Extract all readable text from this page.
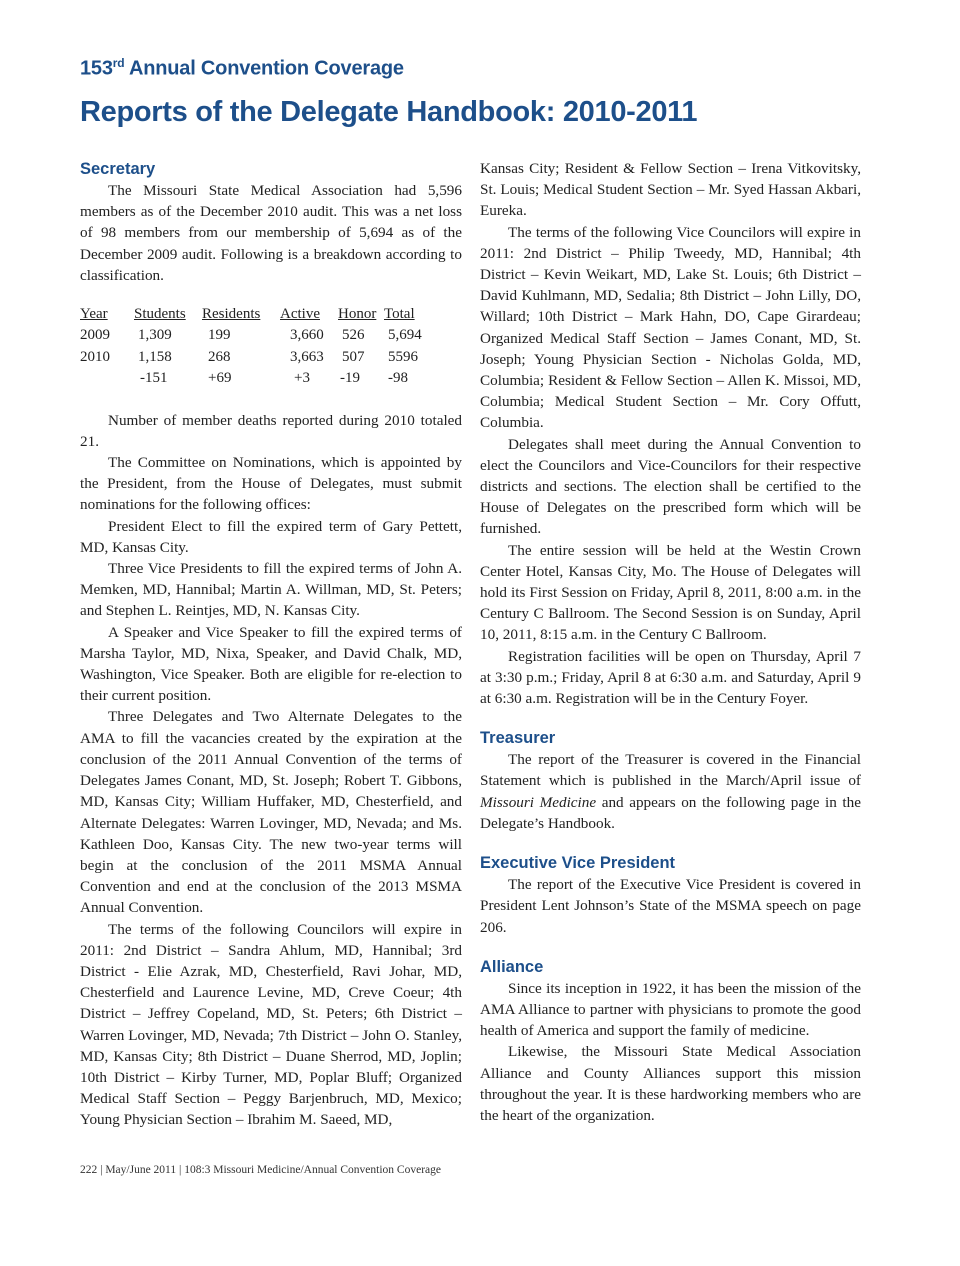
153rd Annual Convention Coverage
Reports of the Delegate Handbook: 2010-2011
Secretary

The Missouri State Medical Association had 5,596 members as of the December 2010 audit. This was a net loss of 98 members from our membership of 5,694 as of the December 2009 audit. Following is a breakdown according to classification.

Year	Students	Residents	Active	Honor	Total
2009	1,309	199	3,660	526	5,694
2010	1,158	268	3,663	507	5596
	-151	+69	+3	-19	-98

Number of member deaths reported during 2010 totaled 21.

The Committee on Nominations, which is appointed by the President, from the House of Delegates, must submit nominations for the following offices:

President Elect to fill the expired term of Gary Pettett, MD, Kansas City.

Three Vice Presidents to fill the expired terms of John A. Memken, MD, Hannibal; Martin A. Willman, MD, St. Peters; and Stephen L. Reintjes, MD, N. Kansas City.

A Speaker and Vice Speaker to fill the expired terms of Marsha Taylor, MD, Nixa, Speaker, and David Chalk, MD, Washington, Vice Speaker. Both are eligible for re-election to their current position.

Three Delegates and Two Alternate Delegates to the AMA to fill the vacancies created by the expiration at the conclusion of the 2011 Annual Convention of the terms of Delegates James Conant, MD, St. Joseph; Robert T. Gibbons, MD, Kansas City; William Huffaker, MD, Chesterfield, and Alternate Delegates: Warren Lovinger, MD, Nevada; and Ms. Kathleen Doo, Kansas City. The new two-year terms will begin at the conclusion of the 2011 MSMA Annual Convention and end at the conclusion of the 2013 MSMA Annual Convention.

The terms of the following Councilors will expire in 2011: 2nd District – Sandra Ahlum, MD, Hannibal; 3rd District - Elie Azrak, MD, Chesterfield, Ravi Johar, MD, Chesterfield and Laurence Levine, MD, Creve Coeur; 4th District – Jeffrey Copeland, MD, St. Peters; 6th District – Warren Lovinger, MD, Nevada; 7th District – John O. Stanley, MD, Kansas City; 8th District – Duane Sherrod, MD, Joplin; 10th District – Kirby Turner, MD, Poplar Bluff; Organized Medical Staff Section – Peggy Barjenbruch, MD, Mexico; Young Physician Section – Ibrahim M. Saeed, MD,

Kansas City; Resident & Fellow Section – Irena Vitkovitsky, St. Louis; Medical Student Section – Mr. Syed Hassan Akbari, Eureka.

The terms of the following Vice Councilors will expire in 2011: 2nd District – Philip Tweedy, MD, Hannibal; 4th District – Kevin Weikart, MD, Lake St. Louis; 6th District – David Kuhlmann, MD, Sedalia; 8th District – John Lilly, DO, Willard; 10th District – Mark Hahn, DO, Cape Girardeau; Organized Medical Staff Section – James Conant, MD, St. Joseph; Young Physician Section - Nicholas Golda, MD, Columbia; Resident & Fellow Section – Allen K. Missoi, MD, Columbia; Medical Student Section – Mr. Cory Offutt, Columbia.

Delegates shall meet during the Annual Convention to elect the Councilors and Vice-Councilors for their respective districts and sections. The election shall be certified to the House of Delegates on the prescribed form which will be furnished.

The entire session will be held at the Westin Crown Center Hotel, Kansas City, Mo. The House of Delegates will hold its First Session on Friday, April 8, 2011, 8:00 a.m. in the Century C Ballroom. The Second Session is on Sunday, April 10, 2011, 8:15 a.m. in the Century C Ballroom.

Registration facilities will be open on Thursday, April 7 at 3:30 p.m.; Friday, April 8 at 6:30 a.m. and Saturday, April 9 at 6:30 a.m. Registration will be in the Century Foyer.

Treasurer

The report of the Treasurer is covered in the Financial Statement which is published in the March/April issue of Missouri Medicine and appears on the following page in the Delegate’s Handbook.

Executive Vice President

The report of the Executive Vice President is covered in President Lent Johnson’s State of the MSMA speech on page 206.

Alliance

Since its inception in 1922, it has been the mission of the AMA Alliance to partner with physicians to promote the good health of America and support the family of medicine.

Likewise, the Missouri State Medical Association Alliance and County Alliances support this mission throughout the year. It is these hardworking members who are the heart of the organization.

222 | May/June 2011 | 108:3 Missouri Medicine/Annual Convention Coverage
